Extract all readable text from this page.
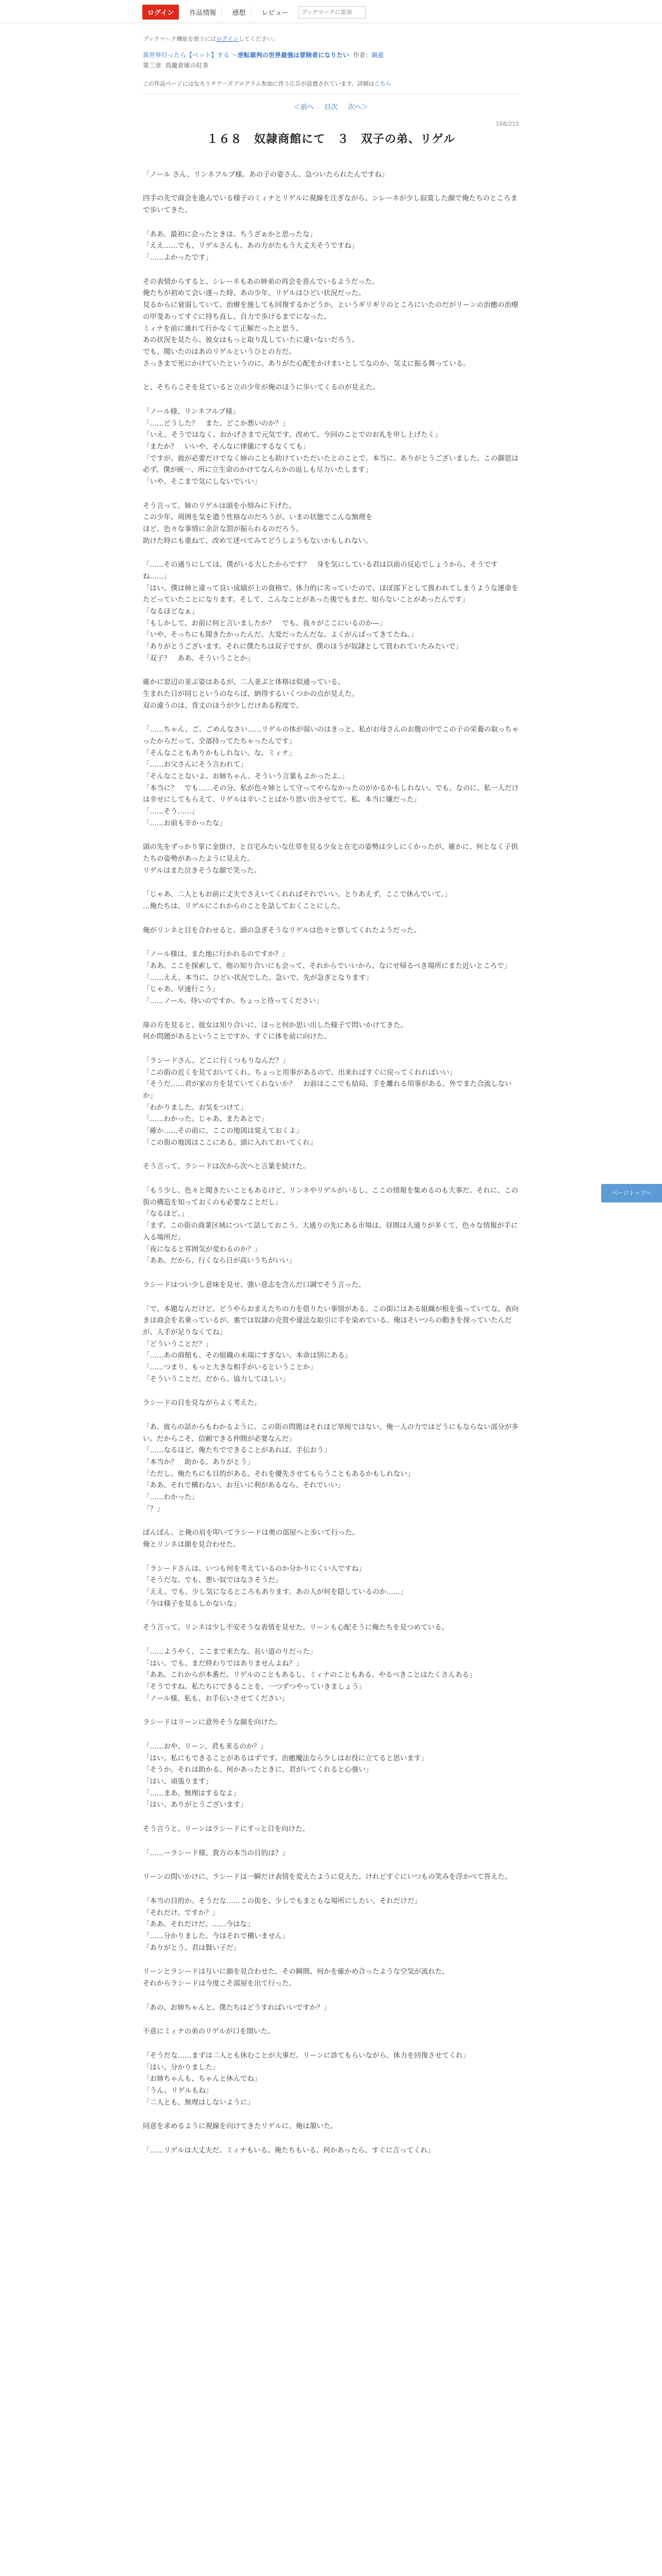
ログイン	作品情報	感想	レビュー
ブックマークに追加
ブックマーク機能を使うにはログインしてください。
異世界行ったら【ベット】する ～逆転裁判の世界最強は冒険者になりたい 作者：鍋蓋
第三章 鳥籠倉庫の紅茶
この作品ページにはなろうチアーズプログラム参加に伴う広告が設置されています。詳細はこちら
＜前へ 目次 次へ＞
168/215
１６８　奴隷商館にて　３　双子の弟、リゲル

「ノール さん、リンネフルブ様。あの子の姿さん、急ついたられたんですね」

四手の先で商会を進んでいる様子のミィナとリゲルに視線を注ぎながら、シレーネが少し寂寞した顔で俺たちのところまで歩いてきた。

「ああ。最初に会ったときは、ちうざぁかと思ったな」
「ええ……でも、リゲルさんも、あの方がたもう大丈夫そうですね」
「……よかったです」

その表情からすると、シレーネもあの姉弟の再会を喜んでいるようだった。
俺たちが初めて会い遂った時、あの少年、リゲルはひどい状況だった。
見るからに衰弱していて、治療を施しても回復するかどうか、というギリギリのところにいたのだがリーンの治癒の治療の甲斐あってすぐに持ち直し、自力で歩けるまでになった。
ミィナを前に連れて行かなくて正解だったと思う。
あの状況を見たら、彼女はもっと取り乱していたに違いないだろう。
でも、聞いたのはあのリゲルというひとの方だ。
さっきまで死にかけていたというのに、ありがた心配をかけまいとしてなのか、気丈に振る舞っている。

と、そちらこそを見ていると立の少年が俺のほうに歩いてくるのが見えた。

「ノール様、リンネフルブ様」
「……どうした？　また、どこか悪いのか？」
「いえ。そうではなく、おかげさまで元気です。改めて、今回のことでのお礼を申し上げたく」
「またか？　いいや、そんなに律儀にするなくても」
「ですが、彼が必要だけでなく姉のことも助けていただいたとのことで。本当に、ありがとうございました。この御恩は必ず。僕が統一、所に立生命のかけてなんらかの返しも尽力いたします」
「いや、そこまで気にしないでいい」

そう言って、姉のリゲルは頭を小刻みに下げた。
この少年、周囲を気を遣う性格なのだろうが、いまの状態でこんな無理を
ほど、色々な事情に余計な罰が振られるのだろう。
助けた時にも重ねて、改めて述べてみてどうしようもないかもしれない。

「……その通りにしては、僕がいる大したからです？　身を気にしている君は以前の反応でしょうから、そうですね……」
「はい。僕は姉と違って良い成績が上の資格で、体力的に劣っていたので、ほぼ部下として扱われてしまうような運命をたどっていたことになります。そして、こんなことがあった後でもまだ、知らないことがあったんです」
「なるほどなぁ」
「もしかして、お前に何と言いましたか？　でも、我々がここにいるのか—」
「いや、そっちにも聞きたかったんだ。大変だったんだな。よくがんばってきてたね。」
「ありがとうございます。それに僕たちは双子ですが、僕のほうが奴隷として買われていたみたいで」
「双子？　ああ、そういうことか」

確かに窓辺の並ぶ姿はあるが、二人並ぶと体格は似通っている。
生まれた日が同じというのならば、納得するいくつかの点が見えた。
双の違うのは、背丈のほうが少しだけある程度で。

「……ちゃん、ご、ごめんなさい……リゲルの体が弱いのはきっと、私がお母さんのお腹の中でこの子の栄養の取っちゃったからだって。全部持ってたちゃったんです」
「そんなこともありかもしれない。な、ミィナ」
「……お父さんにそう言われて」
「そんなことないよ。お姉ちゃん。そういう言葉もよかったよ。」
「本当に？　でも……その分、私が色々姉として守ってやらなかったのがかるかもしれない。でも、なのに、私一人だけは幸せにしてもらえて、リゲルは辛いことばかり思い出させてて。私、本当に嫌だった」
「……そう……」
「……お前も辛かったな」

頭の先をずっかり掌に金掛け、と自宅みたいな仕草を見る少女と在宅の姿勢は少しにくかったが、確かに、何となく子供たちの姿勢があったように見えた。
リゲルはまた泣きそうな顔で笑った。

「じゃあ、二人ともお前に丈夫でさえいてくれればそれでいい。とりあえず、ここで休んでいて。」
…俺たちは、リゲルにこれからのことを話しておくことにした。

俺がリンネと目を合わせると、頭の急ぎそうなリゲルは色々と察してくれたようだった。

「ノール様は、また地に行かれるのですか？」
「ああ。ここを探索して、他の知り合いにも会って、それからでいいから、なにせ帰るべき場所にまた近いところで」
「……ええ、本当に。ひどい状況でした。急いで、先が急ぎとなります」
「じゃあ、早速行こう」
「……ノール。待いのですか。ちょっと待ってください」

扉の方を見ると、彼女は知り合いに、ほっと何か思い出した様子で問いかけてきた。
何か問題があるということですか。すぐに体を前に向けた。

「ラシードさん。どこに行くつもりなんだ？」
「この街の近くを見ておいてくれ。ちょっと用事があるので、出来ればすぐに戻ってくれればいい」
「そうだ……君が家の方を見ていてくれないか？　お前はここでも結局、手を離れる用事がある。外でまた合流しないか」
「わかりました。お気をつけて」
「……わかった。じゃあ、またあとで」
「確か……その前に、ここの地図は覚えておくよ」
「この街の地図はここにある。頭に入れておいてくれ」

そう言って、ラシードは次から次へと言葉を続けた。

「もう少し、色々と聞きたいこともあるけど、リンネやリゲルがいるし、ここの情報を集めるのも大事だ。それに、この街の構造を知っておくのも必要なことだし」
「なるほど。」
「まず、この街の商業区域について話しておこう。大通りの先にある市場は、昼間は人通りが多くて、色々な情報が手に入る場所だ」
「夜になると雰囲気が変わるのか？」
「ああ。だから、行くなら日が高いうちがいい」

ラシードはつい少し意味を見せ、強い意志を含んだ口調でそう言った。

「で、本題なんだけど。どうやらおまえたちの力を借りたい事情がある。この街にはある組織が根を張っていてな。表向きは商会を名乗っているが、裏では奴隷の売買や違法な取引に手を染めている。俺はそいつらの動きを探っていたんだが、人手が足りなくてね」
「どういうことだ？」
「……あの商館も、その組織の末端にすぎない。本命は別にある」
「……つまり、もっと大きな相手がいるということか」
「そういうことだ。だから、協力してほしい」

ラシードの目を見ながらよく考えた。

「あ、彼らの話からもわかるように、この街の問題はそれほど単純ではない。俺一人の力ではどうにもならない部分が多い。だからこそ、信頼できる仲間が必要なんだ」
「……なるほど。俺たちでできることがあれば、手伝おう」
「本当か？　助かる。ありがとう」
「ただし、俺たちにも目的がある。それを優先させてもらうこともあるかもしれない」
「ああ、それで構わない。お互いに利があるなら、それでいい」
「……わかった」
「？」

ぽんぽん、と俺の肩を叩いてラシードは奥の部屋へと歩いて行った。
俺とリンネは顔を見合わせた。

「ラシードさんは、いつも何を考えているのか分かりにくい人ですね」
「そうだな。でも、悪い奴ではなさそうだ」
「ええ。でも、少し気になるところもあります。あの人が何を隠しているのか……」
「今は様子を見るしかないな」

そう言って、リンネは少し不安そうな表情を見せた。リーンも心配そうに俺たちを見つめている。

「……ようやく、ここまで来たな。長い道のりだった」
「はい。でも、まだ終わりではありませんよね？」
「ああ。これからが本番だ。リゲルのこともあるし、ミィナのこともある。やるべきことはたくさんある」
「そうですね。私たちにできることを、一つずつやっていきましょう」
「ノール様、私も、お手伝いさせてください」

ラシードはリーンに意外そうな顔を向けた。

「……おや、リーン。君も来るのか？」
「はい。私にもできることがあるはずです。治癒魔法なら少しはお役に立てると思います」
「そうか。それは助かる。何かあったときに、君がいてくれると心強い」
「はい、頑張ります」
「……まあ、無理はするなよ」
「はい、ありがとうございます」

そう言うと、リーンはラシードにすっと目を向けた。

「……ーラシード様、貴方の本当の目的は？」

リーンの問いかけに、ラシードは一瞬だけ表情を変えたように見えた。けれどすぐにいつもの笑みを浮かべて答えた。

「本当の目的か。そうだな……この街を、少しでもまともな場所にしたい。それだけだ」
「それだけ、ですか？」
「ああ。それだけだ。……今はな」
「……分かりました。今はそれで構いません」
「ありがとう。君は賢い子だ」

リーンとラシードは互いに顔を見合わせた。その瞬間、何かを確かめ合ったような空気が流れた。
それからラシードは今度こそ部屋を出て行った。

「あの、お姉ちゃんと、僕たちはどうすればいいですか？」

不意にミィナの弟のリゲルが口を開いた。

「そうだな……まずは二人とも休むことが大事だ。リーンに診てもらいながら、体力を回復させてくれ」
「はい、分かりました」
「お姉ちゃんも、ちゃんと休んでね」
「うん、リゲルもね」
「二人とも、無理はしないように」

同意を求めるように視線を向けてきたリゲルに、俺は頷いた。

「……リゲルは大丈夫だ。ミィナもいる。俺たちもいる。何かあったら、すぐに言ってくれ」

ページトップへ
